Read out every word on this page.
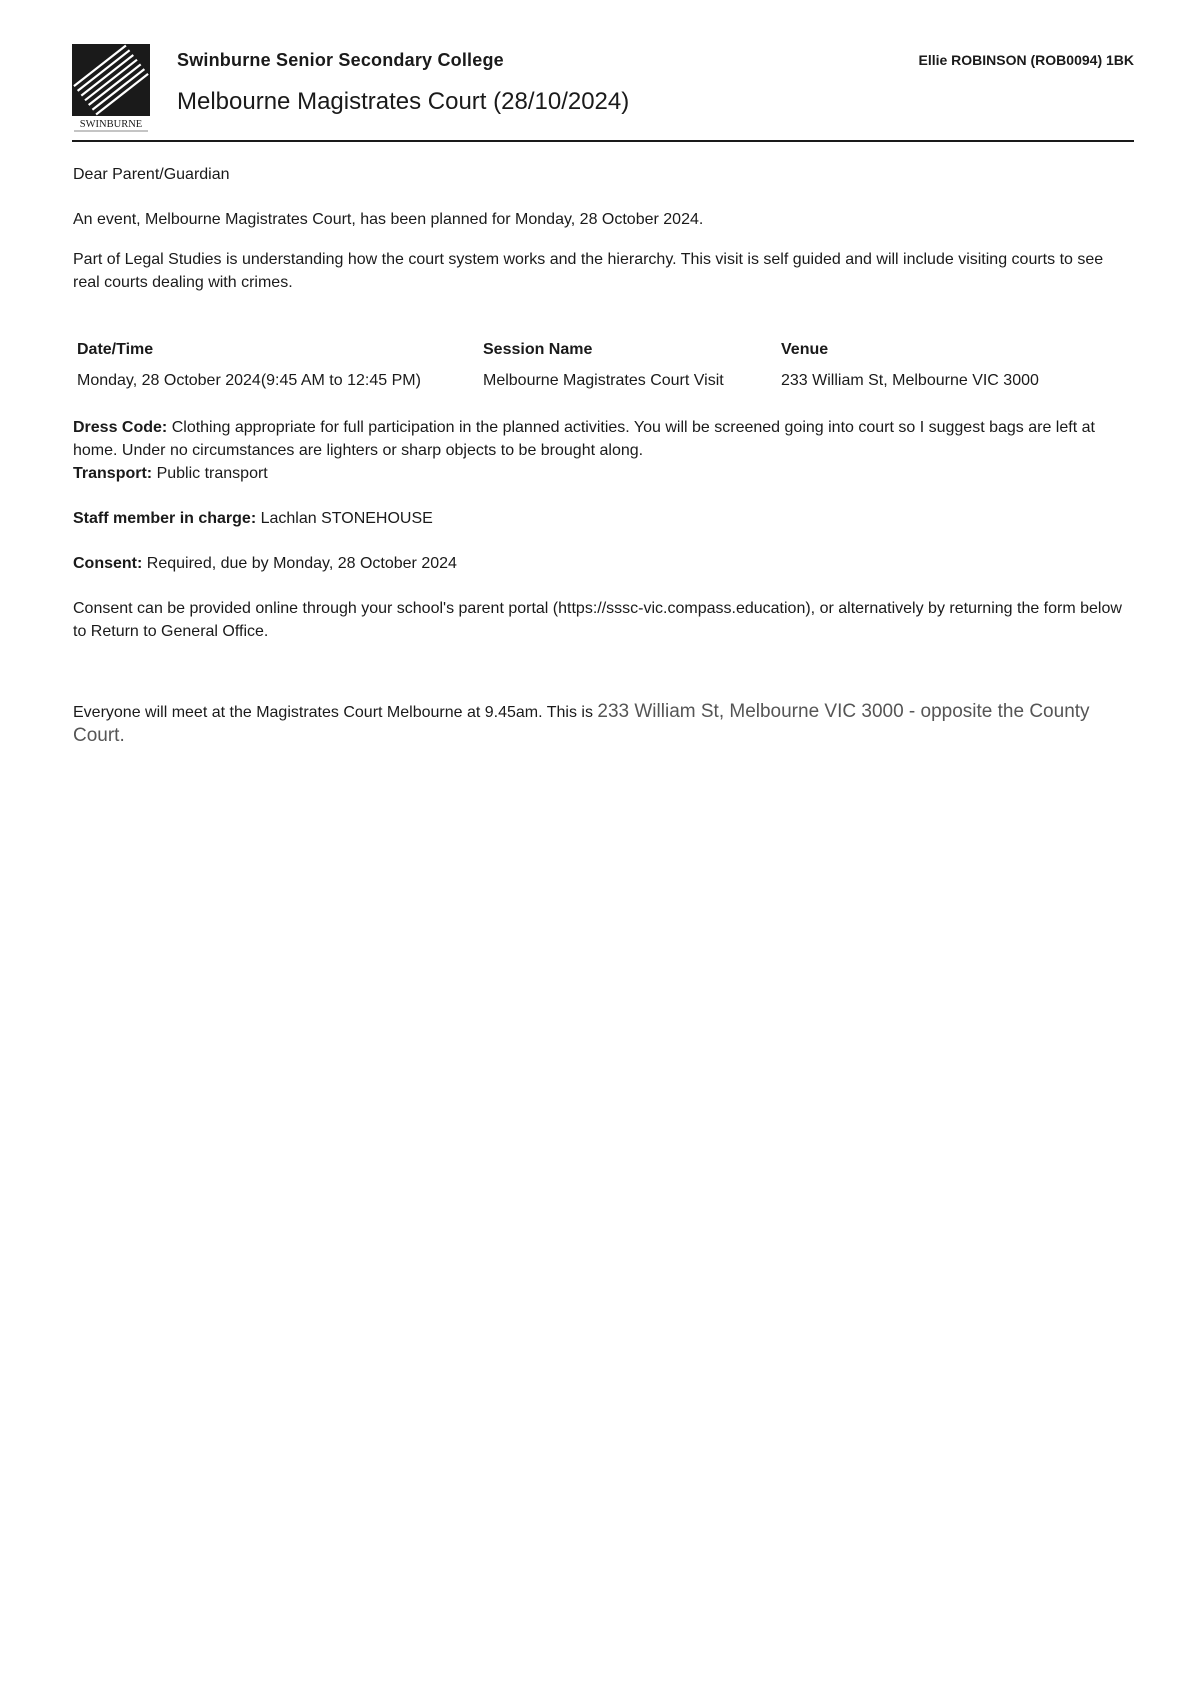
SWINBURNE
Swinburne Senior Secondary College
Melbourne Magistrates Court (28/10/2024)
Ellie ROBINSON (ROB0094) 1BK

Dear Parent/Guardian

An event, Melbourne Magistrates Court, has been planned for Monday, 28 October 2024.

Part of Legal Studies is understanding how the court system works and the hierarchy. This visit is self guided and will include visiting courts to see real courts dealing with crimes.

Date/Time	Session Name	Venue
Monday, 28 October 2024(9:45 AM to 12:45 PM)	Melbourne Magistrates Court Visit	233 William St, Melbourne VIC 3000

Dress Code: Clothing appropriate for full participation in the planned activities. You will be screened going into court so I suggest bags are left at home. Under no circumstances are lighters or sharp objects to be brought along.

Transport: Public transport

Staff member in charge: Lachlan STONEHOUSE

Consent: Required, due by Monday, 28 October 2024

Consent can be provided online through your school's parent portal (https://sssc-vic.compass.education), or alternatively by returning the form below to Return to General Office.

Everyone will meet at the Magistrates Court Melbourne at 9.45am. This is 233 William St, Melbourne VIC 3000 - opposite the County Court.
